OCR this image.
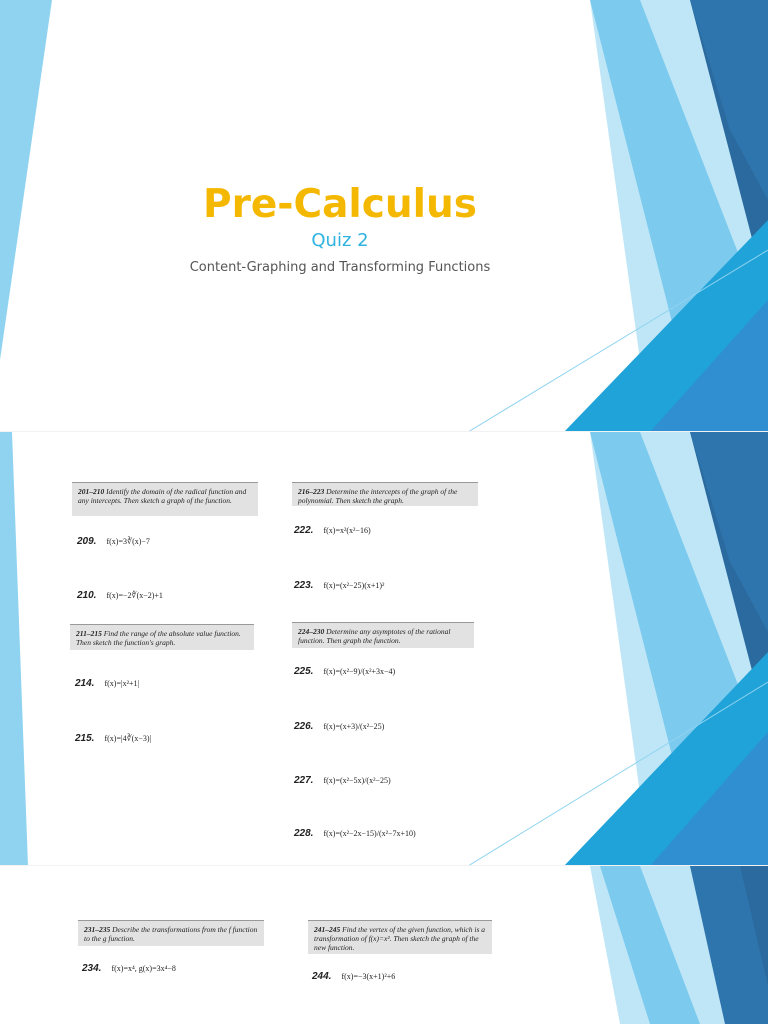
Pre-Calculus
Quiz 2
Content-Graphing and Transforming Functions
201–210 Identify the domain of the radical function and any intercepts. Then sketch a graph of the function.
216–223 Determine the intercepts of the graph of the polynomial. Then sketch the graph.
211–215 Find the range of the absolute value function. Then sketch the function's graph.
224–230 Determine any asymptotes of the rational function. Then graph the function.
209. f(x)=3∛(x)−7
210. f(x)=−2∜(x−2)+1
214. f(x)=|x²+1|
215. f(x)=|4∛(x−3)|
222. f(x)=x²(x²−16)
223. f(x)=(x²−25)(x+1)²
225. f(x)=(x²−9)/(x²+3x−4)
226. f(x)=(x+3)/(x²−25)
227. f(x)=(x²−5x)/(x²−25)
228. f(x)=(x²−2x−15)/(x²−7x+10)
231–235 Describe the transformations from the f function to the g function.
241–245 Find the vertex of the given function, which is a transformation of f(x)=x². Then sketch the graph of the new function.
234. f(x)=x⁴, g(x)=3x⁴−8
244. f(x)=−3(x+1)²+6
